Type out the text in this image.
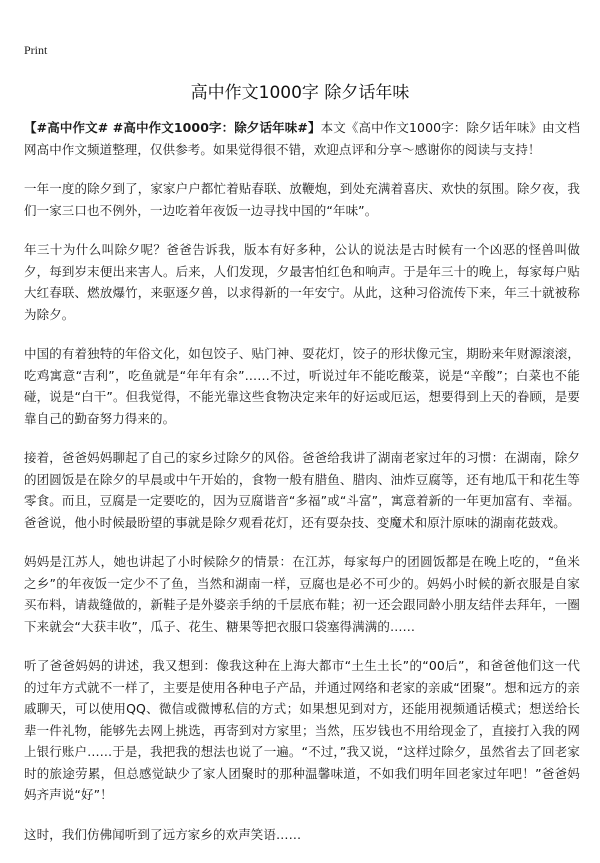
Print
高中作文1000字 除夕话年味

【#高中作文# #高中作文1000字：除夕话年味#】本文《高中作文1000字：除夕话年味》由文档网高中作文频道整理，仅供参考。如果觉得很不错，欢迎点评和分享～感谢你的阅读与支持！

一年一度的除夕到了，家家户户都忙着贴春联、放鞭炮，到处充满着喜庆、欢快的氛围。除夕夜，我们一家三口也不例外，一边吃着年夜饭一边寻找中国的“年味”。

年三十为什么叫除夕呢？爸爸告诉我，版本有好多种，公认的说法是古时候有一个凶恶的怪兽叫做夕，每到岁末便出来害人。后来，人们发现，夕最害怕红色和响声。于是年三十的晚上，每家每户贴大红春联、燃放爆竹，来驱逐夕兽，以求得新的一年安宁。从此，这种习俗流传下来，年三十就被称为除夕。

中国的有着独特的年俗文化，如包饺子、贴门神、耍花灯，饺子的形状像元宝，期盼来年财源滚滚，吃鸡寓意“吉利”，吃鱼就是“年年有余”……不过，听说过年不能吃酸菜，说是“辛酸”；白菜也不能碰，说是“白干”。但我觉得，不能光靠这些食物决定来年的好运或厄运，想要得到上天的眷顾，是要靠自己的勤奋努力得来的。

接着，爸爸妈妈聊起了自己的家乡过除夕的风俗。爸爸给我讲了湖南老家过年的习惯：在湖南，除夕的团圆饭是在除夕的早晨或中午开始的，食物一般有腊鱼、腊肉、油炸豆腐等，还有地瓜干和花生等零食。而且，豆腐是一定要吃的，因为豆腐谐音“多福”或“斗富”，寓意着新的一年更加富有、幸福。爸爸说，他小时候最盼望的事就是除夕观看花灯，还有耍杂技、变魔术和原汁原味的湖南花鼓戏。

妈妈是江苏人，她也讲起了小时候除夕的情景：在江苏，每家每户的团圆饭都是在晚上吃的，“鱼米之乡”的年夜饭一定少不了鱼，当然和湖南一样，豆腐也是必不可少的。妈妈小时候的新衣服是自家买布料，请裁缝做的，新鞋子是外婆亲手纳的千层底布鞋；初一还会跟同龄小朋友结伴去拜年，一圈下来就会“大获丰收”，瓜子、花生、糖果等把衣服口袋塞得满满的……

听了爸爸妈妈的讲述，我又想到：像我这种在上海大都市“土生土长”的“00后”，和爸爸他们这一代的过年方式就不一样了，主要是使用各种电子产品，并通过网络和老家的亲戚“团聚”。想和远方的亲戚聊天，可以使用QQ、微信或微博私信的方式；如果想见到对方，还能用视频通话模式；想送给长辈一件礼物，能够先去网上挑选，再寄到对方家里；当然，压岁钱也不用给现金了，直接打入我的网上银行账户……于是，我把我的想法也说了一遍。“不过，”我又说，“这样过除夕，虽然省去了回老家时的旅途劳累，但总感觉缺少了家人团聚时的那种温馨味道，不如我们明年回老家过年吧！”爸爸妈妈齐声说“好”！

这时，我们仿佛闻听到了远方家乡的欢声笑语……
